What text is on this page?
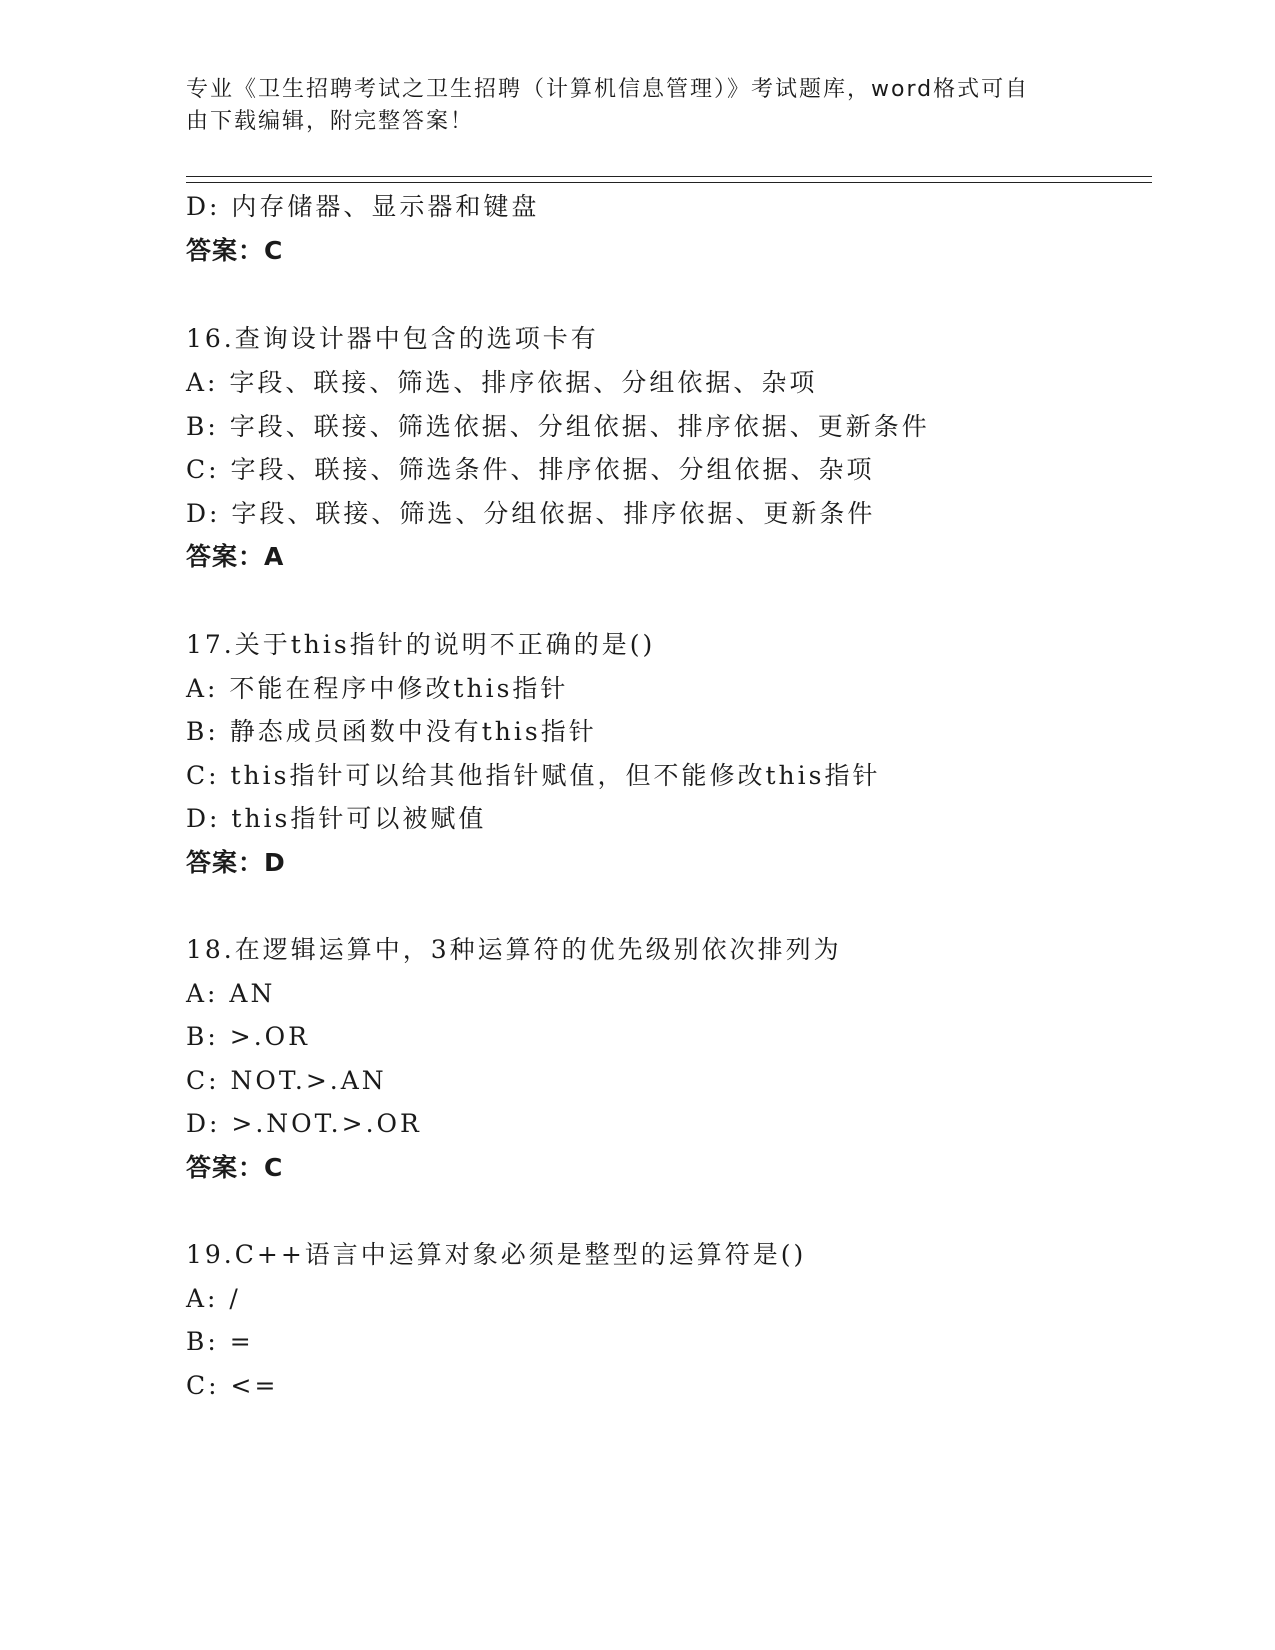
专业《卫生招聘考试之卫生招聘（计算机信息管理）》考试题库，word格式可自
由下载编辑，附完整答案！

D: 内存储器、显示器和键盘
答案：C
16.查询设计器中包含的选项卡有
A: 字段、联接、筛选、排序依据、分组依据、杂项
B: 字段、联接、筛选依据、分组依据、排序依据、更新条件
C: 字段、联接、筛选条件、排序依据、分组依据、杂项
D: 字段、联接、筛选、分组依据、排序依据、更新条件
答案：A
17.关于this指针的说明不正确的是()
A: 不能在程序中修改this指针
B: 静态成员函数中没有this指针
C: this指针可以给其他指针赋值，但不能修改this指针
D: this指针可以被赋值
答案：D
18.在逻辑运算中，3种运算符的优先级别依次排列为
A: AN
B: >.OR
C: NOT.>.AN
D: >.NOT.>.OR
答案：C
19.C++语言中运算对象必须是整型的运算符是()
A: /
B: =
C: <=
